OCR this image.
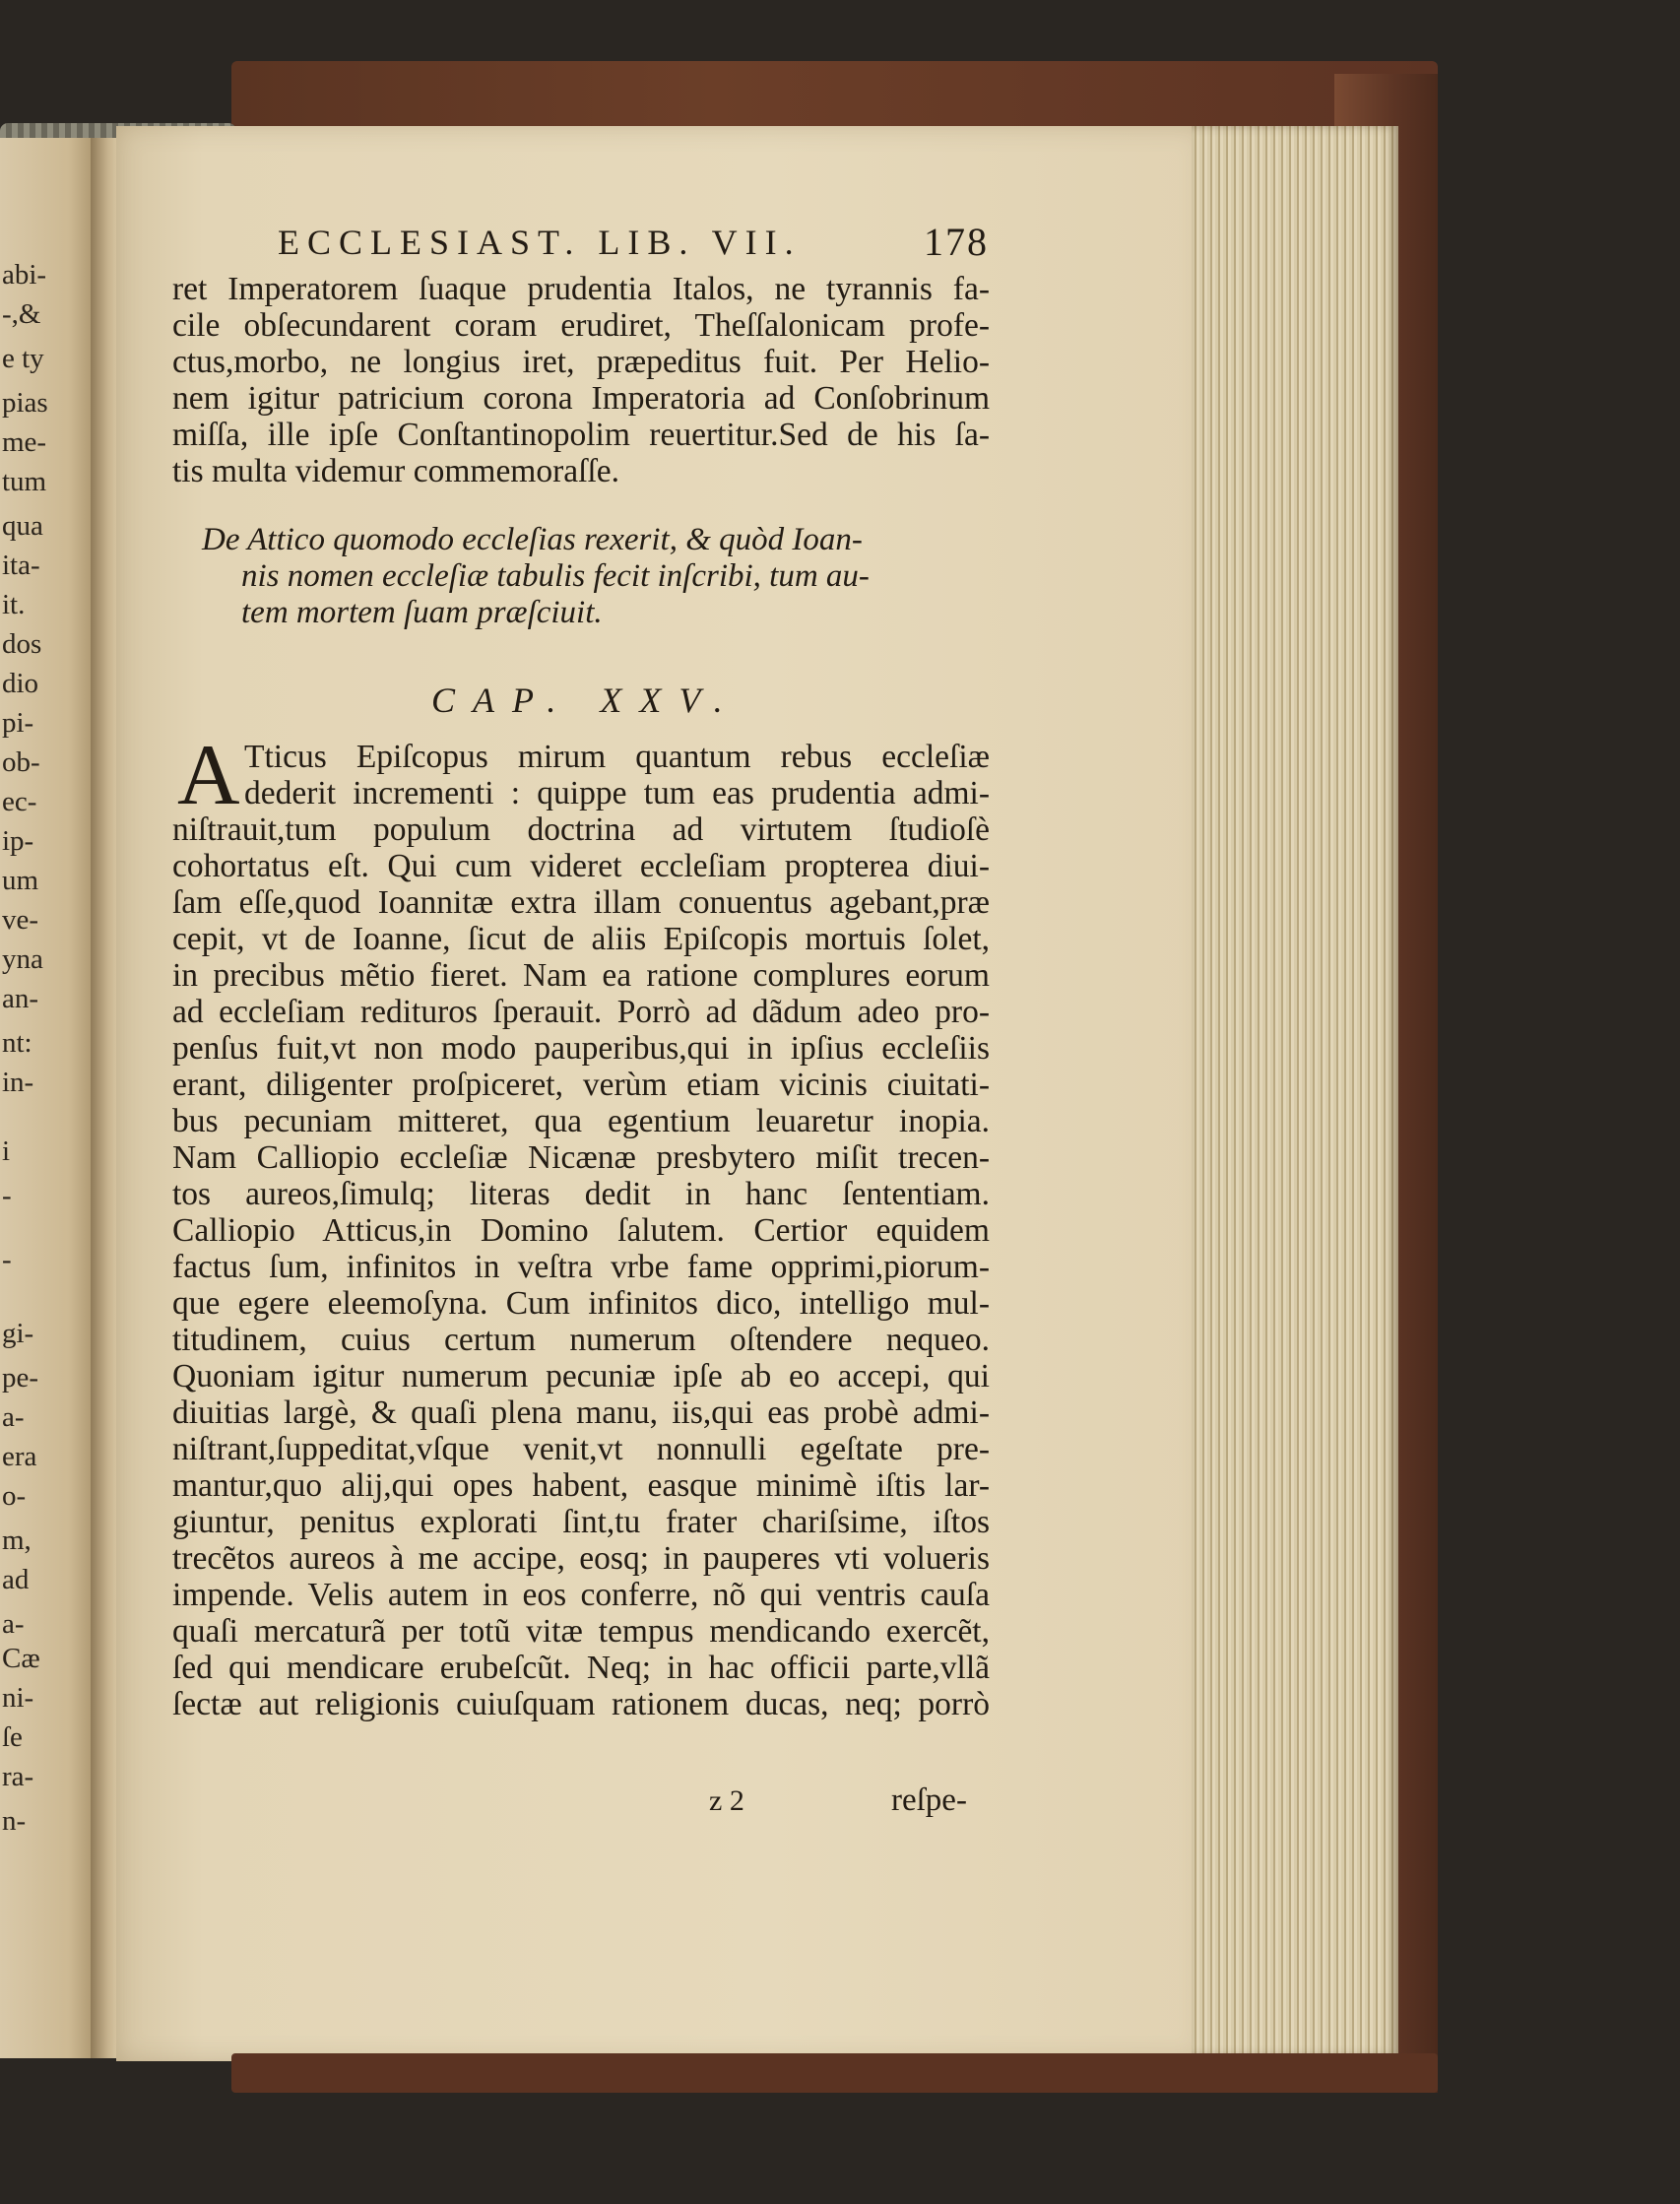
abi-
-,&
e ty
pias
me-
tum
qua
ita-
it.
dos
dio
pi-
ob-
ec-
ip-
um
ve-
yna
an-
nt:
in-
i
-
-
gi-
pe-
a-
era
o-
m,
ad
a-
Cæ
ni-
ſe
ra-
n-
ECCLESIAST. LIB. VII.	178
ret Imperatorem ſuaque prudentia Italos, ne tyrannis fa-
cile obſecundarent coram erudiret, Theſſalonicam profe-
ctus,morbo, ne longius iret, præpeditus fuit. Per Helio-
nem igitur patricium corona Imperatoria ad Conſobrinum
miſſa, ille ipſe Conſtantinopolim reuertitur.Sed de his ſa-
tis multa videmur commemoraſſe.
De Attico quomodo eccleſias rexerit, & quòd Ioan-
nis nomen eccleſiæ tabulis fecit inſcribi, tum au-
tem mortem ſuam præſciuit.
CAP. XXV.
A Tticus Epiſcopus mirum quantum rebus eccleſiæ
dederit incrementi : quippe tum eas prudentia admi-
niſtrauit,tum populum doctrina ad virtutem ſtudioſè
cohortatus eſt. Qui cum videret eccleſiam propterea diui-
ſam eſſe,quod Ioannitæ extra illam conuentus agebant,præ
cepit, vt de Ioanne, ſicut de aliis Epiſcopis mortuis ſolet,
in precibus mẽtio fieret. Nam ea ratione complures eorum
ad eccleſiam redituros ſperauit. Porrò ad dãdum adeo pro-
penſus fuit,vt non modo pauperibus,qui in ipſius eccleſiis
erant, diligenter proſpiceret, verùm etiam vicinis ciuitati-
bus pecuniam mitteret, qua egentium leuaretur inopia.
Nam Calliopio eccleſiæ Nicænæ presbytero miſit trecen-
tos aureos,ſimulq; literas dedit in hanc ſententiam.
Calliopio Atticus,in Domino ſalutem. Certior equidem
factus ſum, infinitos in veſtra vrbe fame opprimi,piorum-
que egere eleemoſyna. Cum infinitos dico, intelligo mul-
titudinem, cuius certum numerum oſtendere nequeo.
Quoniam igitur numerum pecuniæ ipſe ab eo accepi, qui
diuitias largè, & quaſi plena manu, iis,qui eas probè admi-
niſtrant,ſuppeditat,vſque venit,vt nonnulli egeſtate pre-
mantur,quo alij,qui opes habent, easque minimè iſtis lar-
giuntur, penitus explorati ſint,tu frater chariſsime, iſtos
trecẽtos aureos à me accipe, eosq; in pauperes vti volueris
impende. Velis autem in eos conferre, nõ qui ventris cauſa
quaſi mercaturã per totũ vitæ tempus mendicando exercẽt,
ſed qui mendicare erubeſcũt. Neq; in hac officii parte,vllã
ſectæ aut religionis cuiuſquam rationem ducas, neq; porrò
z 2	reſpe-
